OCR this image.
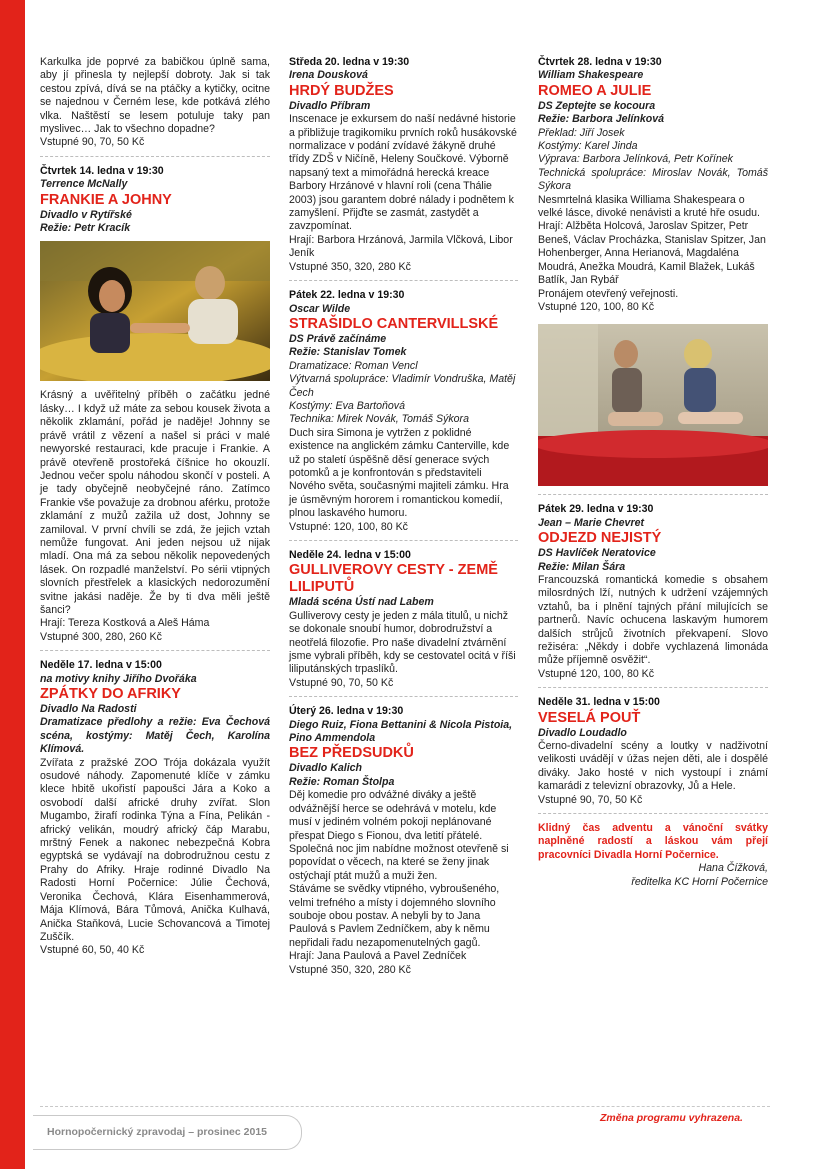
Karkulka jde poprvé za babičkou úplně sama, aby jí přinesla ty nejlepší dobroty. Jak si tak cestou zpívá, dívá se na ptáčky a kytičky, ocitne se najednou v Černém lese, kde potkává zlého vlka. Naštěstí se lesem potuluje taky pan myslivec… Jak to všechno dopadne?

Vstupné 90, 70, 50 Kč

Čtvrtek 14. ledna v 19:30

Terrence McNally

FRANKIE A JOHNY

Divadlo v Rytířské

Režie: Petr Kracík

Krásný a uvěřitelný příběh o začátku jedné lásky… I když už máte za sebou kousek života a několik zklamání, pořád je naděje! Johnny se právě vrátil z vězení a našel si práci v malé newyorské restauraci, kde pracuje i Frankie. A právě otevřeně prostořeká číšnice ho okouzlí. Jednou večer spolu náhodou skončí v posteli. A je tady obyčejně neobyčejné ráno. Zatímco Frankie vše považuje za drobnou aférku, protože zklamání z mužů zažila už dost, Johnny se zamiloval. V první chvíli se zdá, že jejich vztah nemůže fungovat. Ani jeden nejsou už nijak mladí. Ona má za sebou několik nepovedených lásek. On rozpadlé manželství. Po sérii vtipných slovních přestřelek a klasických nedorozumění svitne jakási naděje. Že by ti dva měli ještě šanci?

Hrají: Tereza Kostková a Aleš Háma

Vstupné 300, 280, 260 Kč

Neděle 17. ledna v 15:00

na motivy knihy Jiřího Dvořáka

ZPÁTKY DO AFRIKY

Divadlo Na Radosti

Dramatizace předlohy a režie: Eva Čechová scéna, kostýmy: Matěj Čech, Karolína Klímová.

Zvířata z pražské ZOO Trója dokázala využít osudové náhody. Zapomenuté klíče v zámku klece hbitě ukořistí papoušci Jára a Koko a osvobodí další africké druhy zvířat. Slon Mugambo, žirafí rodinka Týna a Fína, Pelikán - africký velikán, moudrý africký čáp Marabu, mrštný Fenek a nakonec nebezpečná Kobra egyptská se vydávají na dobrodružnou cestu z Prahy do Afriky. Hraje rodinné Divadlo Na Radosti Horní Počernice: Júlie Čechová, Veronika Čechová, Klára Eisenhammerová, Mája Klímová, Bára Tůmová, Anička Kulhavá, Anička Staňková, Lucie Schovancová a Timotej Zuščík.

Vstupné 60, 50, 40 Kč

Středa 20. ledna v 19:30

Irena Dousková

HRDÝ BUDŽES

Divadlo Příbram

Inscenace je exkursem do naší nedávné historie a přibližuje tragikomiku prvních roků husákovské normalizace v podání zvídavé žákyně druhé třídy ZDŠ v Ničíně, Heleny Součkové. Výborně napsaný text a mimořádná herecká kreace Barbory Hrzánové v hlavní roli (cena Thálie 2003) jsou garantem dobré nálady i podnětem k zamyšlení. Přijďte se zasmát, zastydět a zavzpomínat.

Hrají: Barbora Hrzánová, Jarmila Vlčková, Libor Jeník

Vstupné 350, 320, 280 Kč

Pátek 22. ledna v 19:30

Oscar Wilde

STRAŠIDLO CANTERVILLSKÉ

DS Právě začínáme

Režie: Stanislav Tomek

Dramatizace: Roman Vencl

Výtvarná spolupráce: Vladimír Vondruška, Matěj Čech

Kostýmy: Eva Bartoňová

Technika: Mirek Novák, Tomáš Sýkora

Duch sira Simona je vytržen z poklidné existence na anglickém zámku Canterville, kde už po staletí úspěšně děsí generace svých potomků a je konfrontován s představiteli Nového světa, současnými majiteli zámku. Hra je úsměvným hororem i romantickou komedií, plnou laskavého humoru.

Vstupné: 120, 100, 80 Kč

Neděle 24. ledna v 15:00

GULLIVEROVY CESTY - ZEMĚ LILIPUTŮ

Mladá scéna Ústí nad Labem

Gulliverovy cesty je jeden z mála titulů, u nichž se dokonale snoubí humor, dobrodružství a neotřelá filozofie. Pro naše divadelní ztvárnění jsme vybrali příběh, kdy se cestovatel ocitá v říši liliputánských trpaslíků.

Vstupné 90, 70, 50 Kč

Úterý 26. ledna v 19:30

Diego Ruiz, Fiona Bettanini & Nicola Pistoia, Pino Ammendola

BEZ PŘEDSUDKŮ

Divadlo Kalich

Režie: Roman Štolpa

Děj komedie pro odvážné diváky a ještě odvážnější herce se odehrává v motelu, kde musí v jediném volném pokoji neplánované přespat Diego s Fionou, dva letití přátelé. Společná noc jim nabídne možnost otevřeně si popovídat o věcech, na které se ženy jinak ostýchají ptát mužů a muži žen.

Stáváme se svědky vtipného, vybroušeného, velmi trefného a místy i dojemného slovního souboje obou postav. A nebyli by to Jana Paulová s Pavlem Zedníčkem, aby k němu nepřidali řadu nezapomenutelných gagů.

Hrají: Jana Paulová a Pavel Zedníček

Vstupné 350, 320, 280 Kč

Čtvrtek 28. ledna v 19:30

William Shakespeare

ROMEO A JULIE

DS Zeptejte se kocoura

Režie: Barbora Jelínková

Překlad: Jiří Josek

Kostýmy: Karel Jinda

Výprava: Barbora Jelínková, Petr Kořínek

Technická spolupráce: Miroslav Novák, Tomáš Sýkora

Nesmrtelná klasika Williama Shakespeara o velké lásce, divoké nenávisti a kruté hře osudu.

Hrají: Alžběta Holcová, Jaroslav Spitzer, Petr Beneš, Václav Procházka, Stanislav Spitzer, Jan Hohenberger, Anna Herianová, Magdaléna Moudrá, Anežka Moudrá, Kamil Blažek, Lukáš Batlík, Jan Rybář

Pronájem otevřený veřejnosti.

Vstupné 120, 100, 80 Kč

Pátek 29. ledna v 19:30

Jean – Marie Chevret

ODJEZD NEJISTÝ

DS Havlíček Neratovice

Režie: Milan Šára

Francouzská romantická komedie s obsahem milosrdných lží, nutných k udržení vzájemných vztahů, ba i plnění tajných přání milujících se partnerů. Navíc ochucena laskavým humorem dalších strůjců životních překvapení. Slovo režiséra: „Někdy i dobře vychlazená limonáda může příjemně osvěžit“.

Vstupné 120, 100, 80 Kč

Neděle 31. ledna v 15:00

VESELÁ POUŤ

Divadlo Loudadlo

Černo-divadelní scény a loutky v nadživotní velikosti uvádějí v úžas nejen děti, ale i dospělé diváky. Jako hosté v nich vystoupí i známí kamarádi z televizní obrazovky, Jů a Hele.

Vstupné 90, 70, 50 Kč

Klidný čas adventu a vánoční svátky naplněné radostí a láskou vám přejí pracovníci Divadla Horní Počernice.

Hana Čížková,

ředitelka KC Horní Počernice

Hornopočernický zpravodaj – prosinec 2015
Změna programu vyhrazena.
